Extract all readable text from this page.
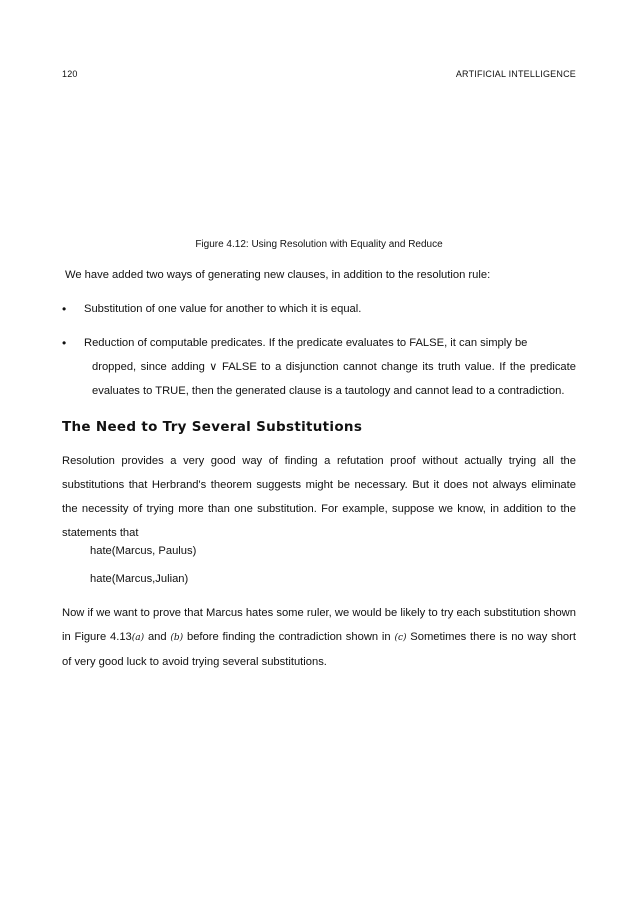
120	ARTIFICIAL INTELLIGENCE
Figure 4.12: Using Resolution with Equality and Reduce
We have added two ways of generating new clauses, in addition to the resolution rule:
• Substitution of one value for another to which it is equal.
• Reduction of computable predicates. If the predicate evaluates to FALSE, it can simply be
dropped, since adding ∨ FALSE to a disjunction cannot change its truth value. If the predicate evaluates to TRUE, then the generated clause is a tautology and cannot lead to a contradiction.
The Need to Try Several Substitutions
Resolution provides a very good way of finding a refutation proof without actually trying all the substitutions that Herbrand's theorem suggests might be necessary. But it does not always eliminate the necessity of trying more than one substitution. For example, suppose we know, in addition to the statements that
hate(Marcus, Paulus)
hate(Marcus,Julian)
Now if we want to prove that Marcus hates some ruler, we would be likely to try each substitution shown in Figure 4.13(a) and (b) before finding the contradiction shown in (c) Sometimes there is no way short of very good luck to avoid trying several substitutions.
